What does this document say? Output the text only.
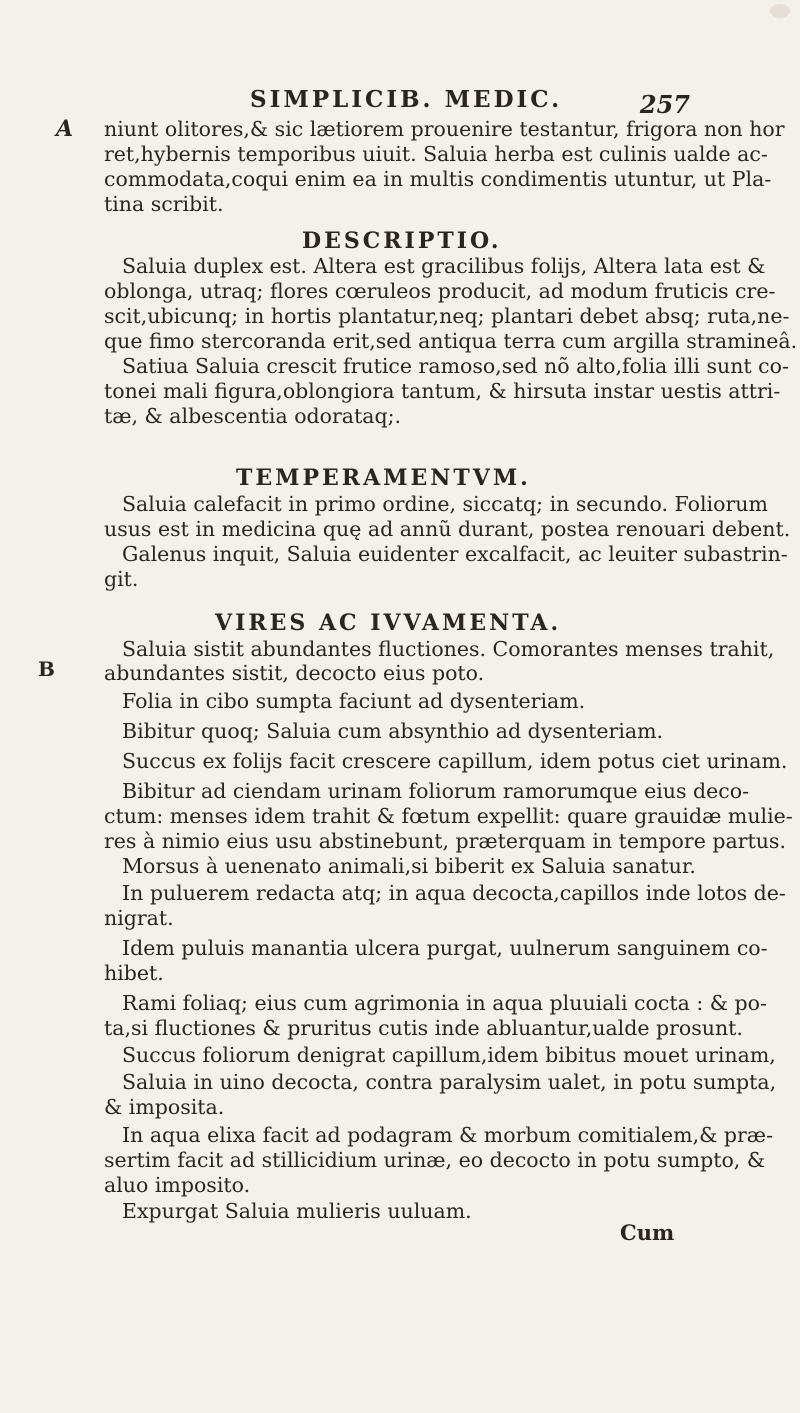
SIMPLICIB. MEDIC.	257
A
B
niunt olitores,& sic lætiorem prouenire testantur, frigora non hor
ret,hybernis temporibus uiuit. Saluia herba est culinis ualde ac-
commodata,coqui enim ea in multis condimentis utuntur, ut Pla-
tina scribit.
DESCRIPTIO.
Saluia duplex est. Altera est gracilibus folijs, Altera lata est &
oblonga, utraq; flores cœruleos producit, ad modum fruticis cre-
scit,ubicunq; in hortis plantatur,neq; plantari debet absq; ruta,ne-
que fimo stercoranda erit,sed antiqua terra cum argilla stramineâ.
Satiua Saluia crescit frutice ramoso,sed nõ alto,folia illi sunt co-
tonei mali figura,oblongiora tantum, & hirsuta instar uestis attri-
tæ, & albescentia odorataq;.
TEMPERAMENTVM.
Saluia calefacit in primo ordine, siccatq; in secundo. Foliorum
usus est in medicina quę ad annũ durant, postea renouari debent.
Galenus inquit, Saluia euidenter excalfacit, ac leuiter subastrin-
git.
VIRES AC IVVAMENTA.
Saluia sistit abundantes fluctiones. Comorantes menses trahit,
abundantes sistit, decocto eius poto.
Folia in cibo sumpta faciunt ad dysenteriam.
Bibitur quoq; Saluia cum absynthio ad dysenteriam.
Succus ex folijs facit crescere capillum, idem potus ciet urinam.
Bibitur ad ciendam urinam foliorum ramorumque eius deco-
ctum: menses idem trahit & fœtum expellit: quare grauidæ mulie-
res à nimio eius usu abstinebunt, præterquam in tempore partus.
Morsus à uenenato animali,si biberit ex Saluia sanatur.
In puluerem redacta atq; in aqua decocta,capillos inde lotos de-
nigrat.
Idem puluis manantia ulcera purgat, uulnerum sanguinem co-
hibet.
Rami foliaq; eius cum agrimonia in aqua pluuiali cocta : & po-
ta,si fluctiones & pruritus cutis inde abluantur,ualde prosunt.
Succus foliorum denigrat capillum,idem bibitus mouet urinam,
Saluia in uino decocta, contra paralysim ualet, in potu sumpta,
& imposita.
In aqua elixa facit ad podagram & morbum comitialem,& præ-
sertim facit ad stillicidium urinæ, eo decocto in potu sumpto, &
aluo imposito.
Expurgat Saluia mulieris uuluam.
Cum
